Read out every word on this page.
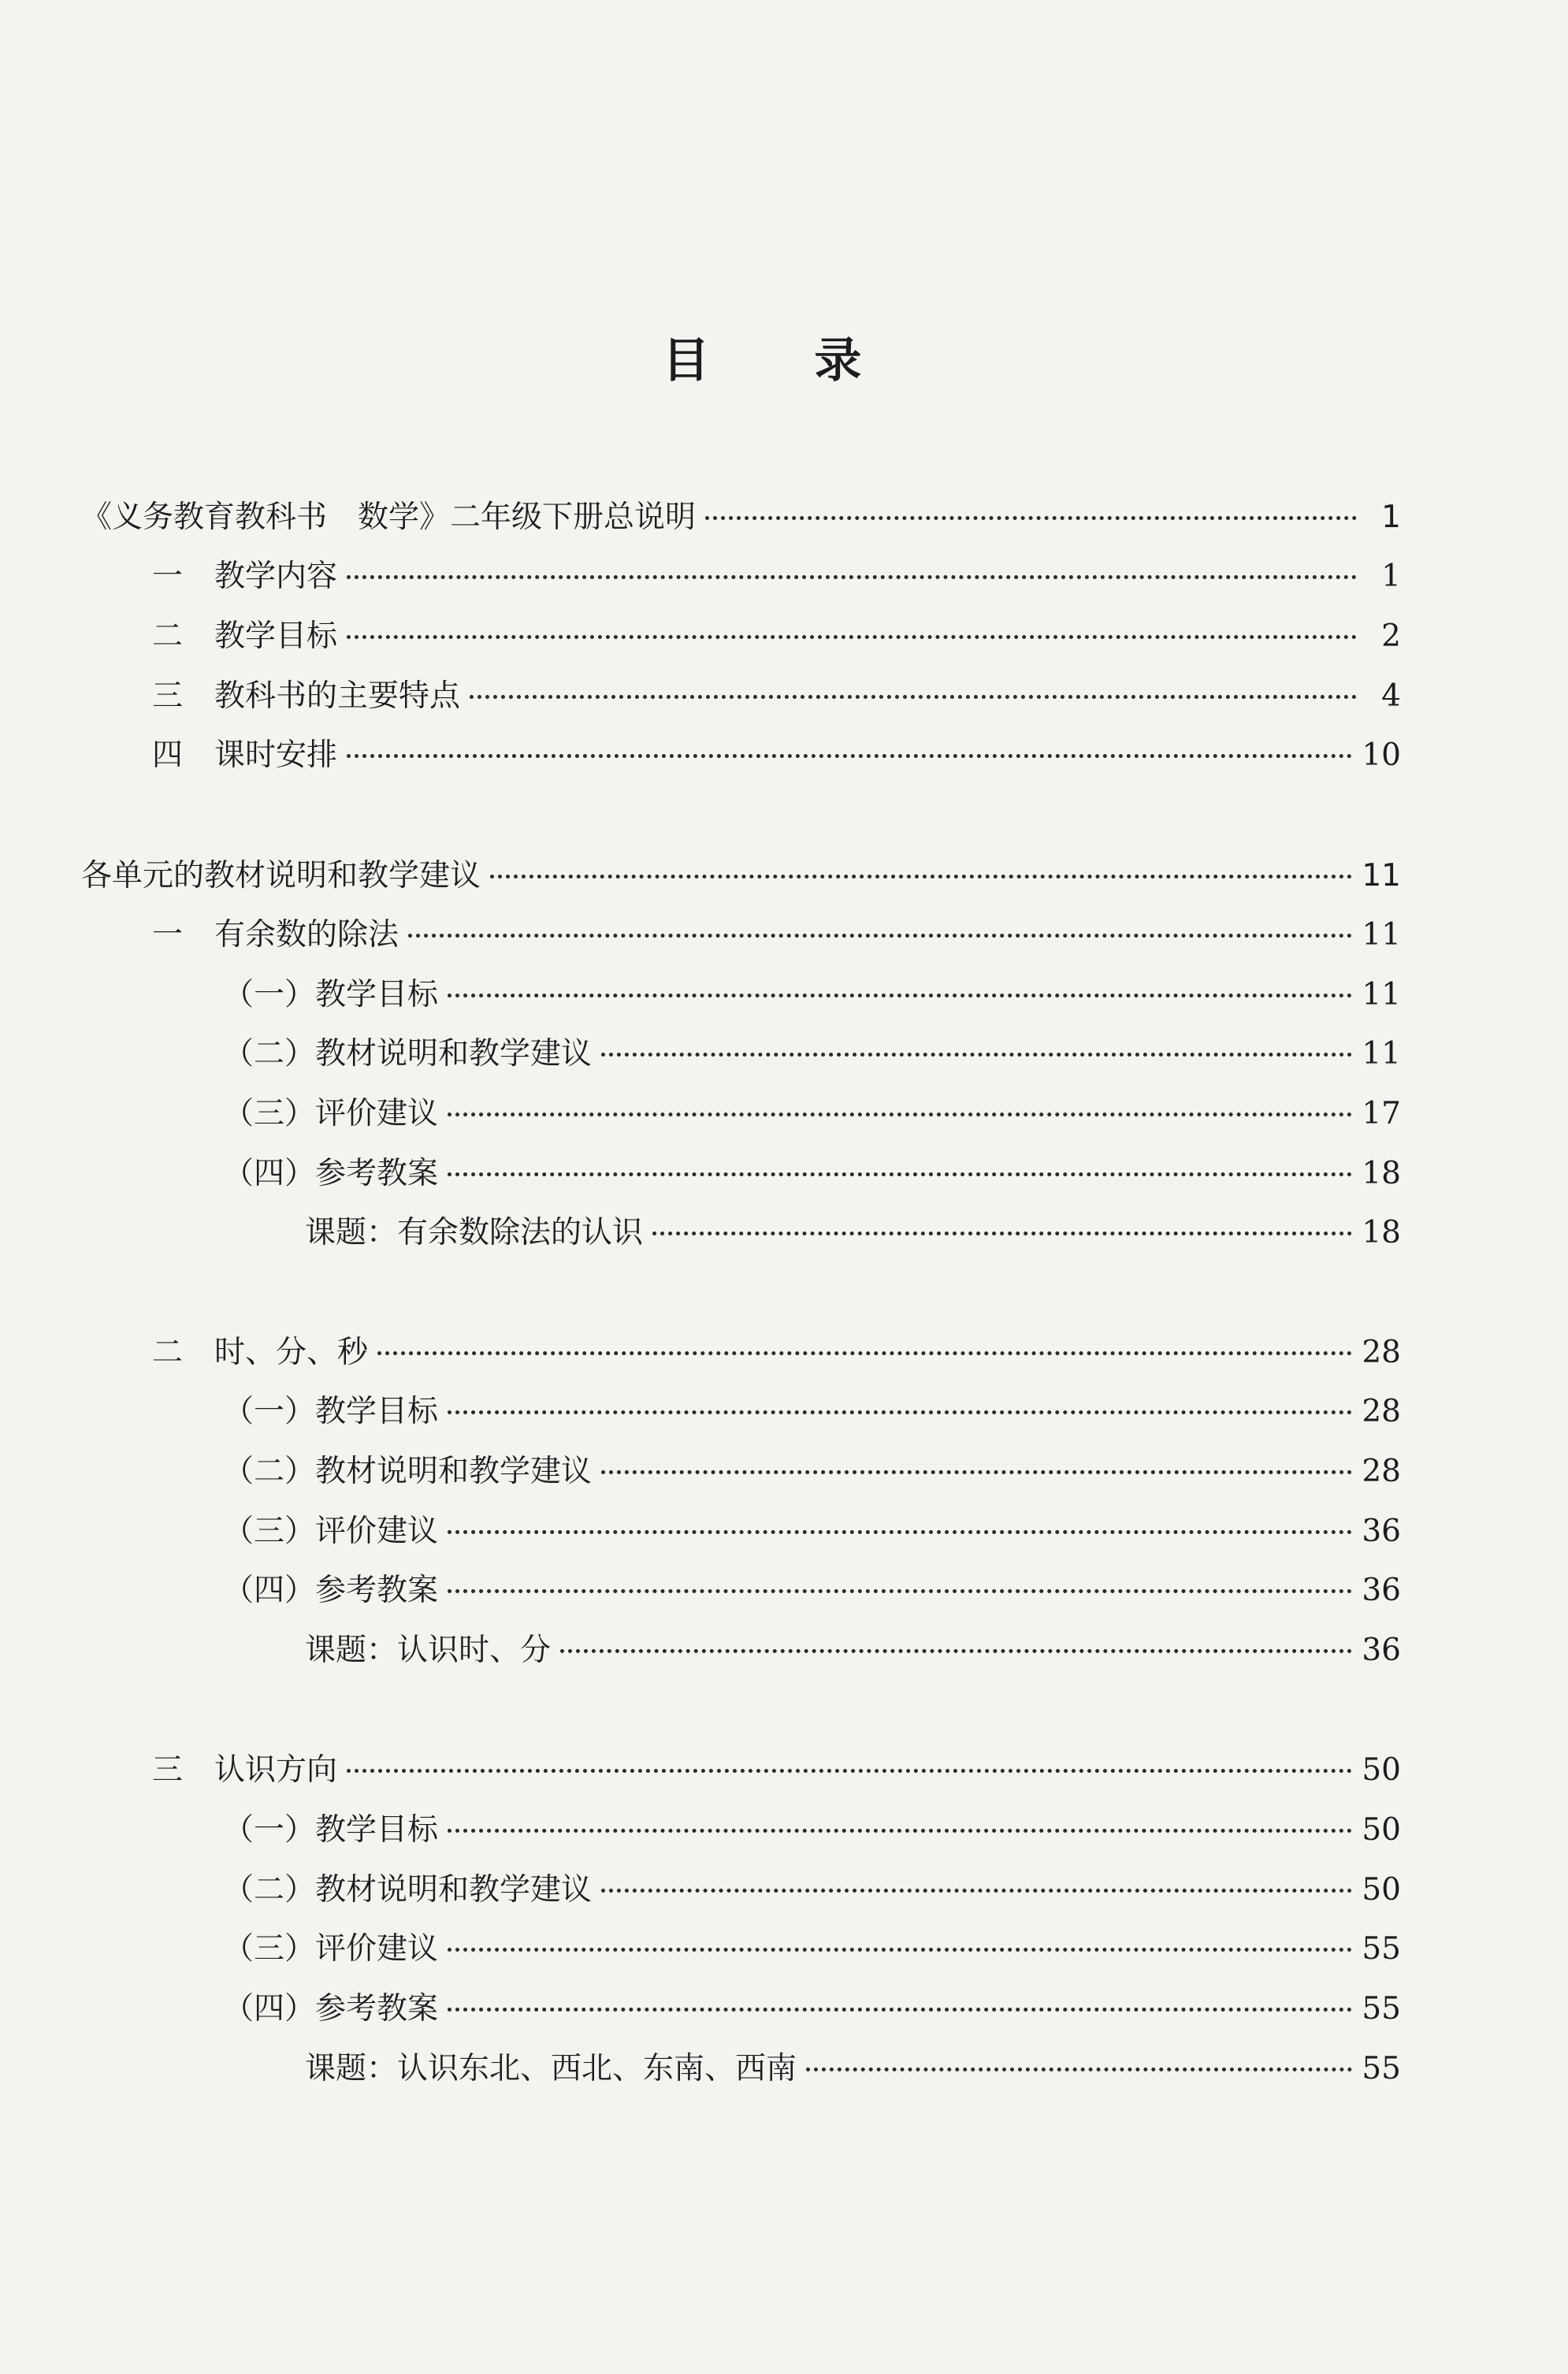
目 录
《义务教育教科书　数学》二年级下册总说明	1
一 教学内容	1
二 教学目标	2
三 教科书的主要特点	4
四 课时安排	10
各单元的教材说明和教学建议	11
一 有余数的除法	11
（一）教学目标	11
（二）教材说明和教学建议	11
（三）评价建议	17
（四）参考教案	18
课题：有余数除法的认识	18
二 时、分、秒	28
（一）教学目标	28
（二）教材说明和教学建议	28
（三）评价建议	36
（四）参考教案	36
课题：认识时、分	36
三 认识方向	50
（一）教学目标	50
（二）教材说明和教学建议	50
（三）评价建议	55
（四）参考教案	55
课题：认识东北、西北、东南、西南	55
